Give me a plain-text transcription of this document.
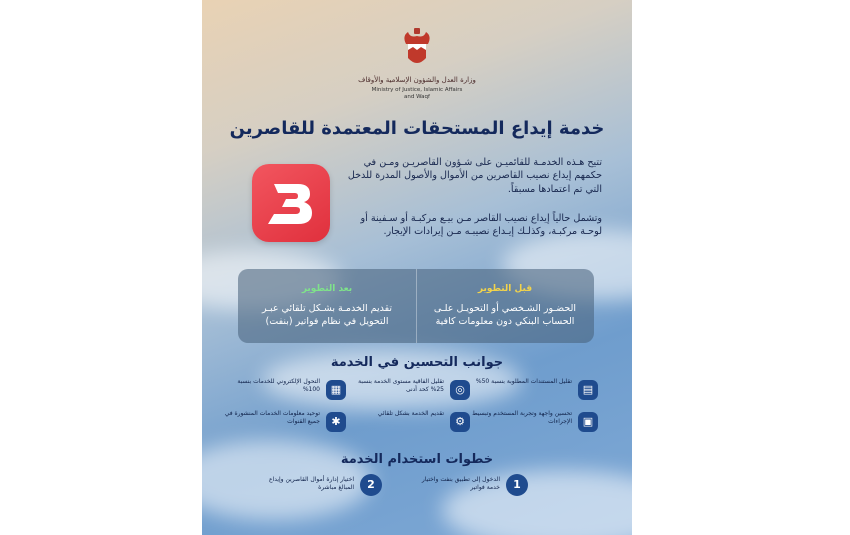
وزارة العدل والشؤون الإسلامية والأوقاف
Ministry of Justice, Islamic Affairs
and Waqf
خدمة إيداع المستحقات المعتمدة للقاصرين
تتيح هـذه الخدمـة للقائميـن على شـؤون القاصريـن ومـن في حكمهم إيداع نصيب القاصرين من الأموال والأصول المدرة للدخل التي تم اعتمادها مسبقاً.
وتشمل حالياً إيداع نصيب القاصر مـن بيـع مركبـة أو سـفينة أو لوحـة مركبـة، وكذلـك إيـداع نصيبـه مـن إيرادات الإيجار.
قبل التطوير
الحضـور الشـخصي أو التحويـل علـى الحساب البنكي دون معلومات كافية
بعد التطوير
تقديم الخدمـة بشـكل تلقائي عبـر التحويل في نظام فواتير (بنفت)
جوانب التحسين في الخدمة
▤
تقليل المستندات المطلوبة بنسبة 50%
◎
تقليل الفاقية مستوى الخدمة بنسبة 25% كحد أدنى
▦
التحول الإلكتروني للخدمات بنسبة 100%
▣
تحسين واجهة وتجربة المستخدم وتبسيط الإجراءات
⚙
تقديم الخدمة بشكل تلقائي
✱
توحيد معلومات الخدمات المنشورة في جميع القنوات
خطوات استخدام الخدمة
1
الدخول إلى تطبيق بنفت واختيار خدمة فواتير
2
اختيار إدارة أموال القاصرين وإيداع المبالغ مباشرة
